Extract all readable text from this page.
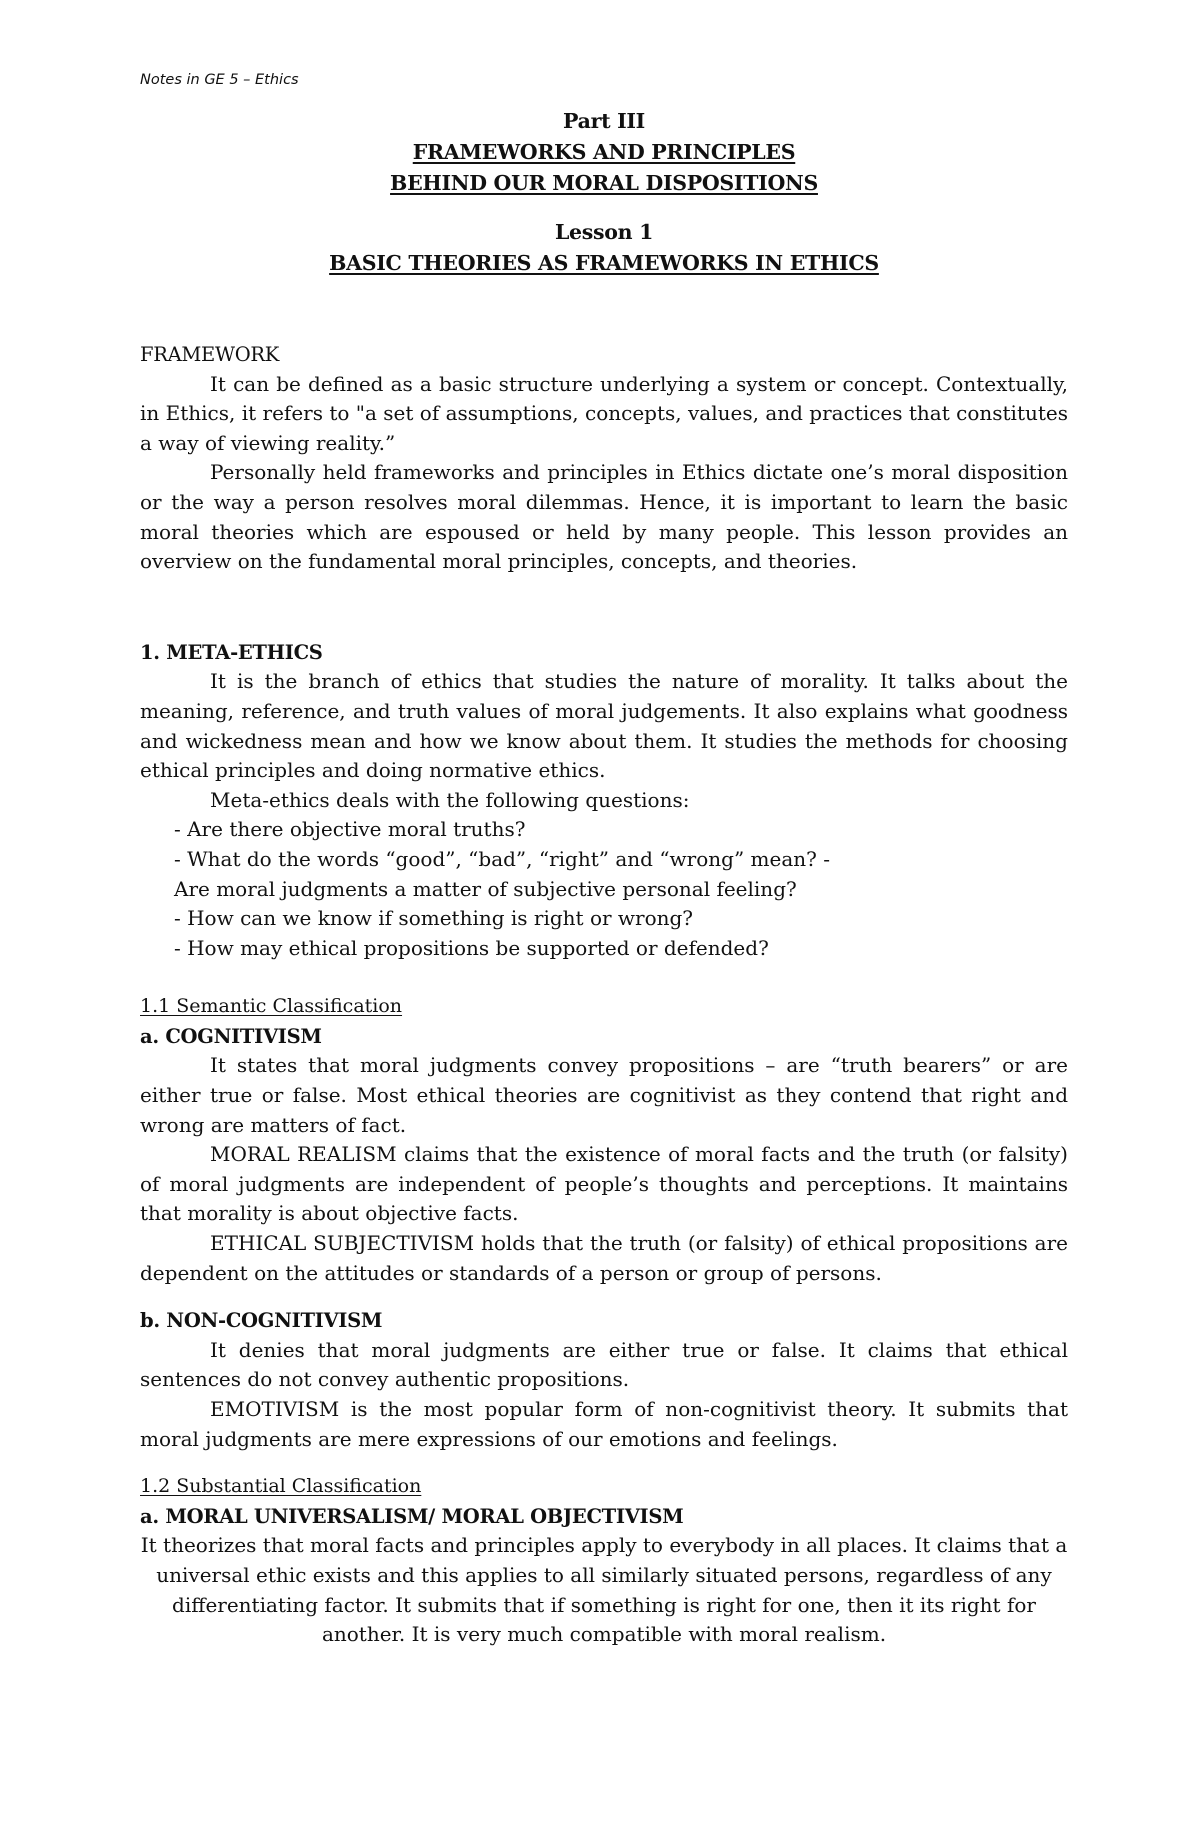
Notes in GE 5 – Ethics
Part III
FRAMEWORKS AND PRINCIPLES
BEHIND OUR MORAL DISPOSITIONS
Lesson 1
BASIC THEORIES AS FRAMEWORKS IN ETHICS

FRAMEWORK

It can be defined as a basic structure underlying a system or concept. Contextually, in Ethics, it refers to "a set of assumptions, concepts, values, and practices that constitutes a way of viewing reality.”

Personally held frameworks and principles in Ethics dictate one’s moral disposition or the way a person resolves moral dilemmas. Hence, it is important to learn the basic moral theories which are espoused or held by many people. This lesson provides an overview on the fundamental moral principles, concepts, and theories.

1. META-ETHICS

It is the branch of ethics that studies the nature of morality. It talks about the meaning, reference, and truth values of moral judgements. It also explains what goodness and wickedness mean and how we know about them. It studies the methods for choosing ethical principles and doing normative ethics.

Meta-ethics deals with the following questions:

- Are there objective moral truths?
- What do the words “good”, “bad”, “right” and “wrong” mean? -
Are moral judgments a matter of subjective personal feeling?
- How can we know if something is right or wrong?
- How may ethical propositions be supported or defended?

1.1 Semantic Classification

a. COGNITIVISM

It states that moral judgments convey propositions – are “truth bearers” or are either true or false. Most ethical theories are cognitivist as they contend that right and wrong are matters of fact.

MORAL REALISM claims that the existence of moral facts and the truth (or falsity) of moral judgments are independent of people’s thoughts and perceptions. It maintains that morality is about objective facts.

ETHICAL SUBJECTIVISM holds that the truth (or falsity) of ethical propositions are dependent on the attitudes or standards of a person or group of persons.

b. NON-COGNITIVISM

It denies that moral judgments are either true or false. It claims that ethical sentences do not convey authentic propositions.

EMOTIVISM is the most popular form of non-cognitivist theory. It submits that moral judgments are mere expressions of our emotions and feelings.

1.2 Substantial Classification

a. MORAL UNIVERSALISM/ MORAL OBJECTIVISM

It theorizes that moral facts and principles apply to everybody in all places. It claims that a universal ethic exists and this applies to all similarly situated persons, regardless of any differentiating factor. It submits that if something is right for one, then it its right for another. It is very much compatible with moral realism.
